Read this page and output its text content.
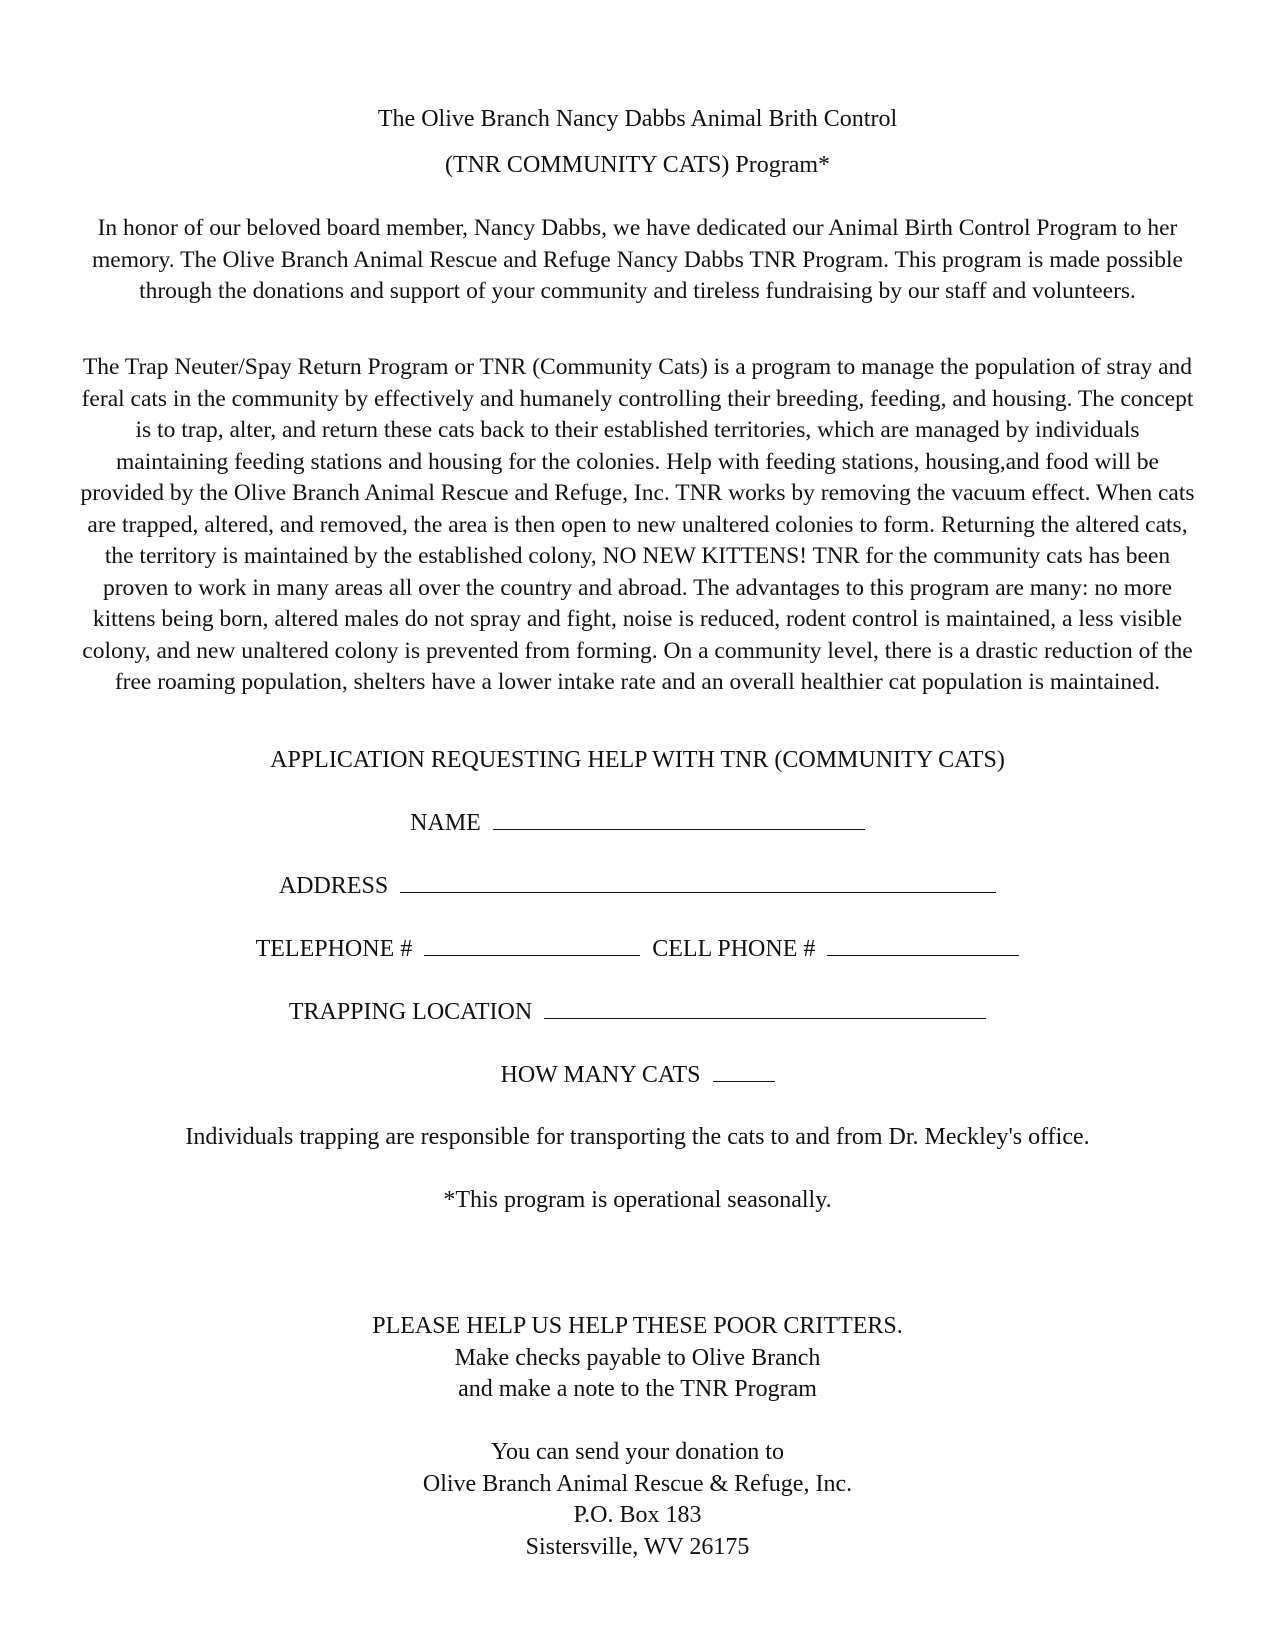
The Olive Branch Nancy Dabbs Animal Brith Control
(TNR COMMUNITY CATS) Program*

In honor of our beloved board member, Nancy Dabbs, we have dedicated our Animal Birth Control Program to her memory. The Olive Branch Animal Rescue and Refuge Nancy Dabbs TNR Program. This program is made possible through the donations and support of your community and tireless fundraising by our staff and volunteers.

The Trap Neuter/Spay Return Program or TNR (Community Cats) is a program to manage the population of stray and feral cats in the community by effectively and humanely controlling their breeding, feeding, and housing. The concept is to trap, alter, and return these cats back to their established territories, which are managed by individuals maintaining feeding stations and housing for the colonies. Help with feeding stations, housing,and food will be provided by the Olive Branch Animal Rescue and Refuge, Inc. TNR works by removing the vacuum effect. When cats are trapped, altered, and removed, the area is then open to new unaltered colonies to form. Returning the altered cats, the territory is maintained by the established colony, NO NEW KITTENS! TNR for the community cats has been proven to work in many areas all over the country and abroad. The advantages to this program are many: no more kittens being born, altered males do not spray and fight, noise is reduced, rodent control is maintained, a less visible colony, and new unaltered colony is prevented from forming. On a community level, there is a drastic reduction of the free roaming population, shelters have a lower intake rate and an overall healthier cat population is maintained.

APPLICATION REQUESTING HELP WITH TNR (COMMUNITY CATS)
NAME
ADDRESS
TELEPHONE #	CELL PHONE #
TRAPPING LOCATION
HOW MANY CATS
Individuals trapping are responsible for transporting the cats to and from Dr. Meckley's office.
*This program is operational seasonally.
PLEASE HELP US HELP THESE POOR CRITTERS.
Make checks payable to Olive Branch
and make a note to the TNR Program
You can send your donation to
Olive Branch Animal Rescue & Refuge, Inc.
P.O. Box 183
Sistersville, WV 26175
